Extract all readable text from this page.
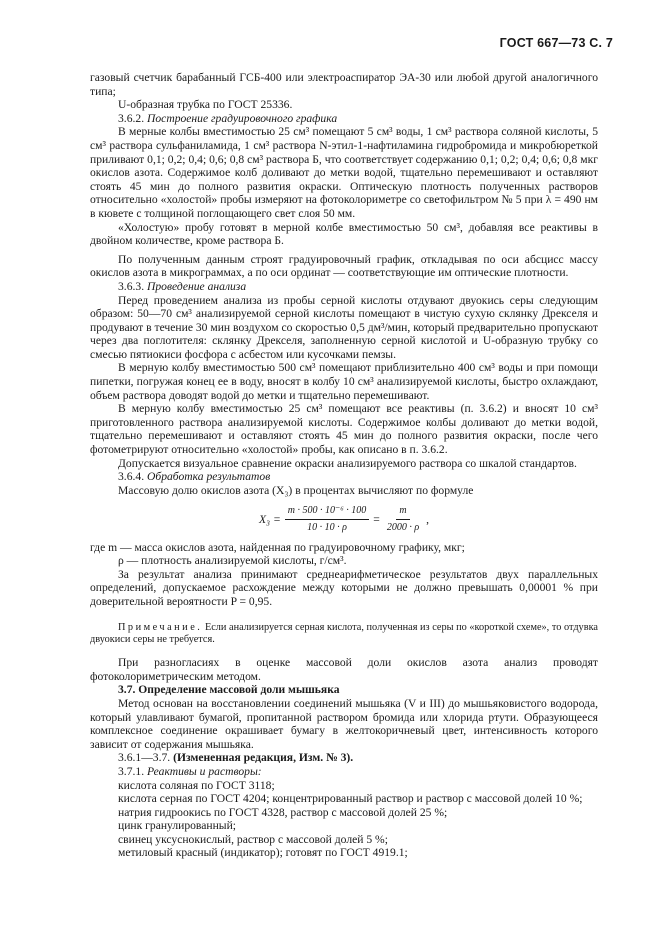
ГОСТ 667—73 С. 7

газовый счетчик барабанный ГСБ-400 или электроаспиратор ЭА-30 или любой другой аналогичного типа;

U-образная трубка по ГОСТ 25336.

3.6.2. Построение градуировочного графика

В мерные колбы вместимостью 25 см³ помещают 5 см³ воды, 1 см³ раствора соляной кислоты, 5 см³ раствора сульфаниламида, 1 см³ раствора N-этил-1-нафтиламина гидробромида и микробюреткой приливают 0,1; 0,2; 0,4; 0,6; 0,8 см³ раствора Б, что соответствует содержанию 0,1; 0,2; 0,4; 0,6; 0,8 мкг окислов азота. Содержимое колб доливают до метки водой, тщательно перемешивают и оставляют стоять 45 мин до полного развития окраски. Оптическую плотность полученных растворов относительно «холостой» пробы измеряют на фотоколориметре со светофильтром № 5 при λ = 490 нм в кювете с толщиной поглощающего свет слоя 50 мм.

«Холостую» пробу готовят в мерной колбе вместимостью 50 см³, добавляя все реактивы в двойном количестве, кроме раствора Б.

По полученным данным строят градуировочный график, откладывая по оси абсцисс массу окислов азота в микрограммах, а по оси ординат — соответствующие им оптические плотности.

3.6.3. Проведение анализа

Перед проведением анализа из пробы серной кислоты отдувают двуокись серы следующим образом: 50—70 см³ анализируемой серной кислоты помещают в чистую сухую склянку Дрекселя и продувают в течение 30 мин воздухом со скоростью 0,5 дм³/мин, который предварительно пропускают через два поглотителя: склянку Дрекселя, заполненную серной кислотой и U-образную трубку со смесью пятиокиси фосфора с асбестом или кусочками пемзы.

В мерную колбу вместимостью 500 см³ помещают приблизительно 400 см³ воды и при помощи пипетки, погружая конец ее в воду, вносят в колбу 10 см³ анализируемой кислоты, быстро охлаждают, объем раствора доводят водой до метки и тщательно перемешивают.

В мерную колбу вместимостью 25 см³ помещают все реактивы (п. 3.6.2) и вносят 10 см³ приготовленного раствора анализируемой кислоты. Содержимое колбы доливают до метки водой, тщательно перемешивают и оставляют стоять 45 мин до полного развития окраски, после чего фотометрируют относительно «холостой» пробы, как описано в п. 3.6.2.

Допускается визуальное сравнение окраски анализируемого раствора со шкалой стандартов.

3.6.4. Обработка результатов

Массовую долю окислов азота (X₃) в процентах вычисляют по формуле

$X_3 = \frac{\text{m · 500 · 10⁻⁶ · 100}}{10 \cdot 10 \cdot \rho} = \frac{m}{2000 \cdot \rho}$ ,

где m — масса окислов азота, найденная по градуировочному графику, мкг;

ρ — плотность анализируемой кислоты, г/см³.

За результат анализа принимают среднеарифметическое результатов двух параллельных определений, допускаемое расхождение между которыми не должно превышать 0,00001 % при доверительной вероятности P = 0,95.

Примечание. Если анализируется серная кислота, полученная из серы по «короткой схеме», то отдувка двуокиси серы не требуется.

При разногласиях в оценке массовой доли окислов азота анализ проводят фотоколориметрическим методом.

3.7. Определение массовой доли мышьяка

Метод основан на восстановлении соединений мышьяка (V и III) до мышьяковистого водорода, который улавливают бумагой, пропитанной раствором бромида или хлорида ртути. Образующееся комплексное соединение окрашивает бумагу в желтокоричневый цвет, интенсивность которого зависит от содержания мышьяка.

3.6.1—3.7. (Измененная редакция, Изм. № 3).

3.7.1. Реактивы и растворы:

кислота соляная по ГОСТ 3118;

кислота серная по ГОСТ 4204; концентрированный раствор и раствор с массовой долей 10 %;

натрия гидроокись по ГОСТ 4328, раствор с массовой долей 25 %;

цинк гранулированный;

свинец уксуснокислый, раствор с массовой долей 5 %;

метиловый красный (индикатор); готовят по ГОСТ 4919.1;
